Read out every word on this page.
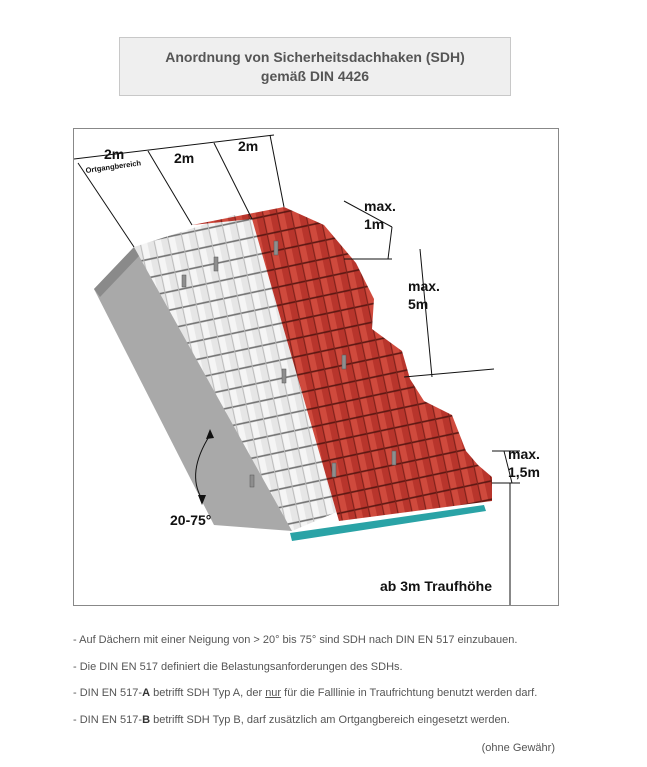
Anordnung von Sicherheitsdachhaken (SDH)
gemäß DIN 4426
2m
Ortgangbereich
2m
2m
max.
1m
max.
5m
max.
1,5m
20-75°
ab 3m Traufhöhe
- Auf Dächern mit einer Neigung von > 20° bis 75° sind SDH nach DIN EN 517 einzubauen.
- Die DIN EN 517 definiert die Belastungsanforderungen des SDHs.
- DIN EN 517-A betrifft SDH Typ A, der nur für die Falllinie in Traufrichtung benutzt werden darf.
- DIN EN 517-B betrifft SDH Typ B, darf zusätzlich am Ortgangbereich eingesetzt werden.
(ohne Gewähr)
